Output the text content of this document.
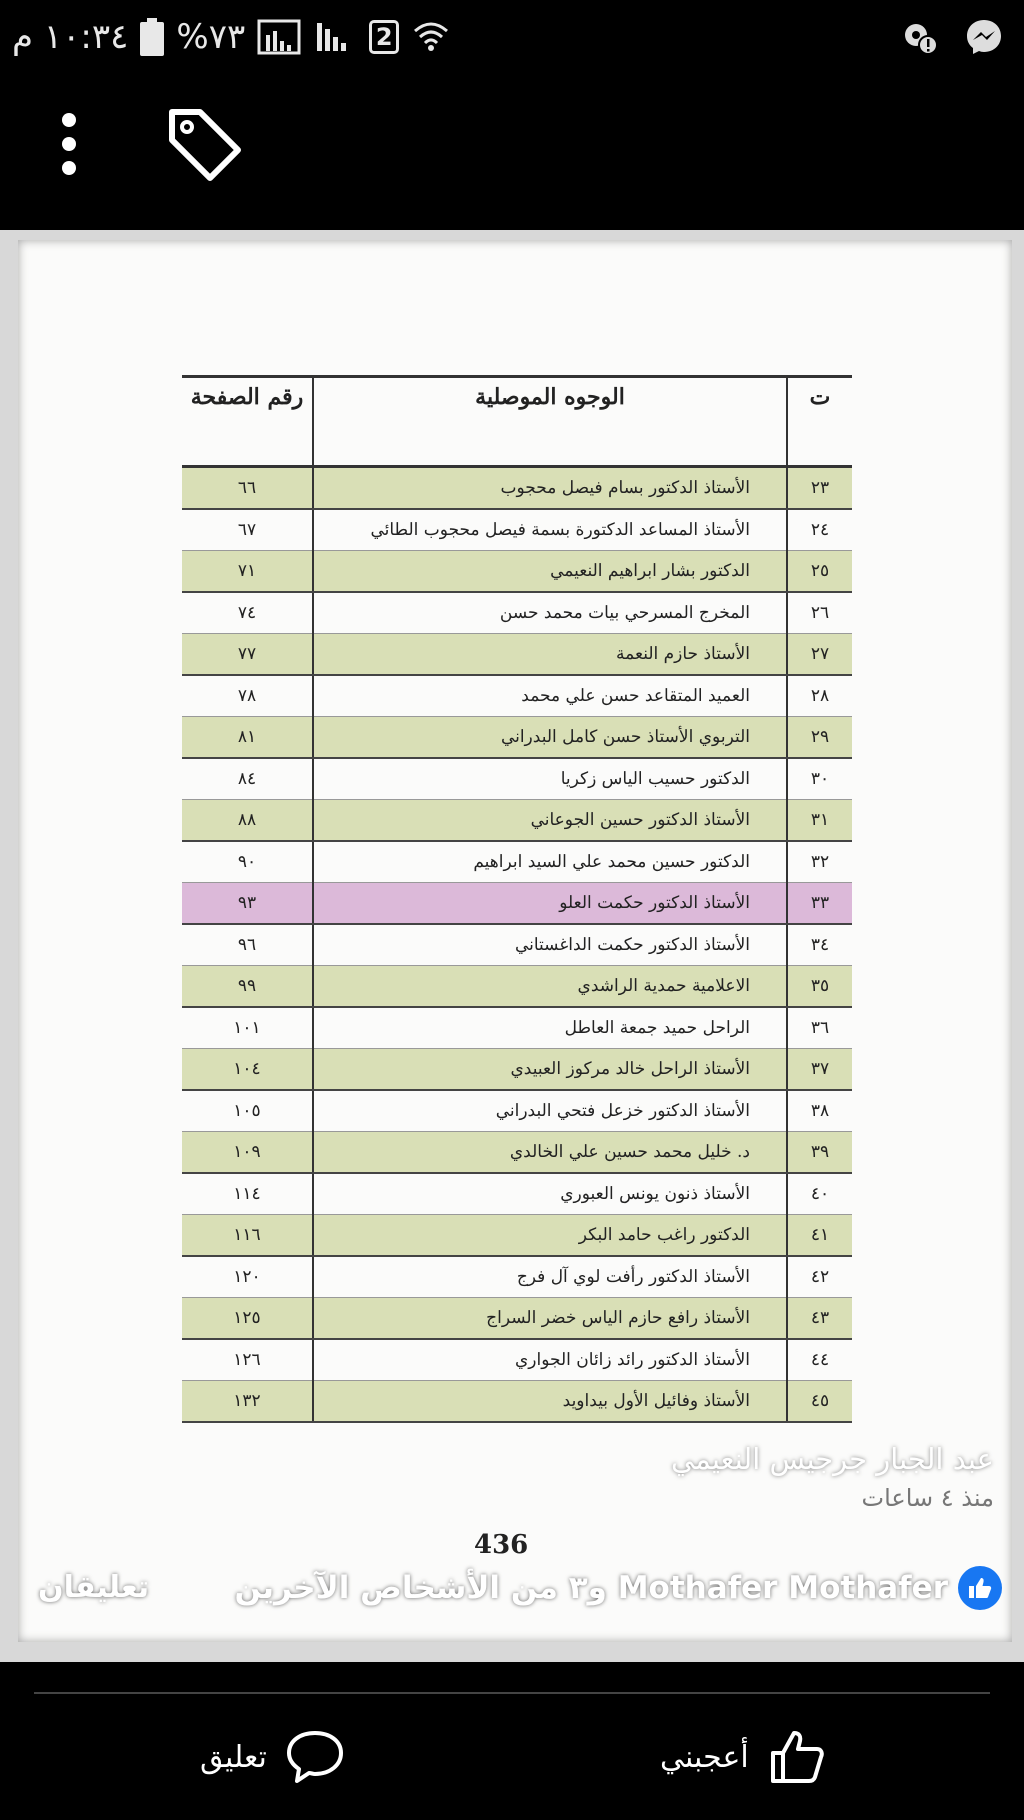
١٠:٣٤ م %٧٣	2
ت	الوجوه الموصلية	رقم الصفحة
٢٣	الأستاذ الدكتور بسام فيصل محجوب	٦٦
٢٤	الأستاذ المساعد الدكتورة بسمة فيصل محجوب الطائي	٦٧
٢٥	الدكتور بشار ابراهيم النعيمي	٧١
٢٦	المخرج المسرحي بيات محمد حسن	٧٤
٢٧	الأستاذ حازم النعمة	٧٧
٢٨	العميد المتقاعد حسن علي محمد	٧٨
٢٩	التربوي الأستاذ حسن كامل البدراني	٨١
٣٠	الدكتور حسيب الياس زكريا	٨٤
٣١	الأستاذ الدكتور حسين الجوعاني	٨٨
٣٢	الدكتور حسين محمد علي السيد ابراهيم	٩٠
٣٣	الأستاذ الدكتور حكمت العلو	٩٣
٣٤	الأستاذ الدكتور حكمت الداغستاني	٩٦
٣٥	الاعلامية حمدية الراشدي	٩٩
٣٦	الراحل حميد جمعة العاطل	١٠١
٣٧	الأستاذ الراحل خالد مركوز العبيدي	١٠٤
٣٨	الأستاذ الدكتور خزعل فتحي البدراني	١٠٥
٣٩	د. خليل محمد حسين علي الخالدي	١٠٩
٤٠	الأستاذ ذنون يونس العبوري	١١٤
٤١	الدكتور راغب حامد البكر	١١٦
٤٢	الأستاذ الدكتور رأفت لوي آل فرج	١٢٠
٤٣	الأستاذ رافع حازم الياس خضر السراج	١٢٥
٤٤	الأستاذ الدكتور رائد زائان الجواري	١٢٦
٤٥	الأستاذ وفائيل الأول بيداويد	١٣٢
436
عبد الجبار جرجيس النعيمي
منذ ٤ ساعات
Mothafer Mothafer و٣ من الأشخاص الآخرين
تعليقان
أعجبني
تعليق
